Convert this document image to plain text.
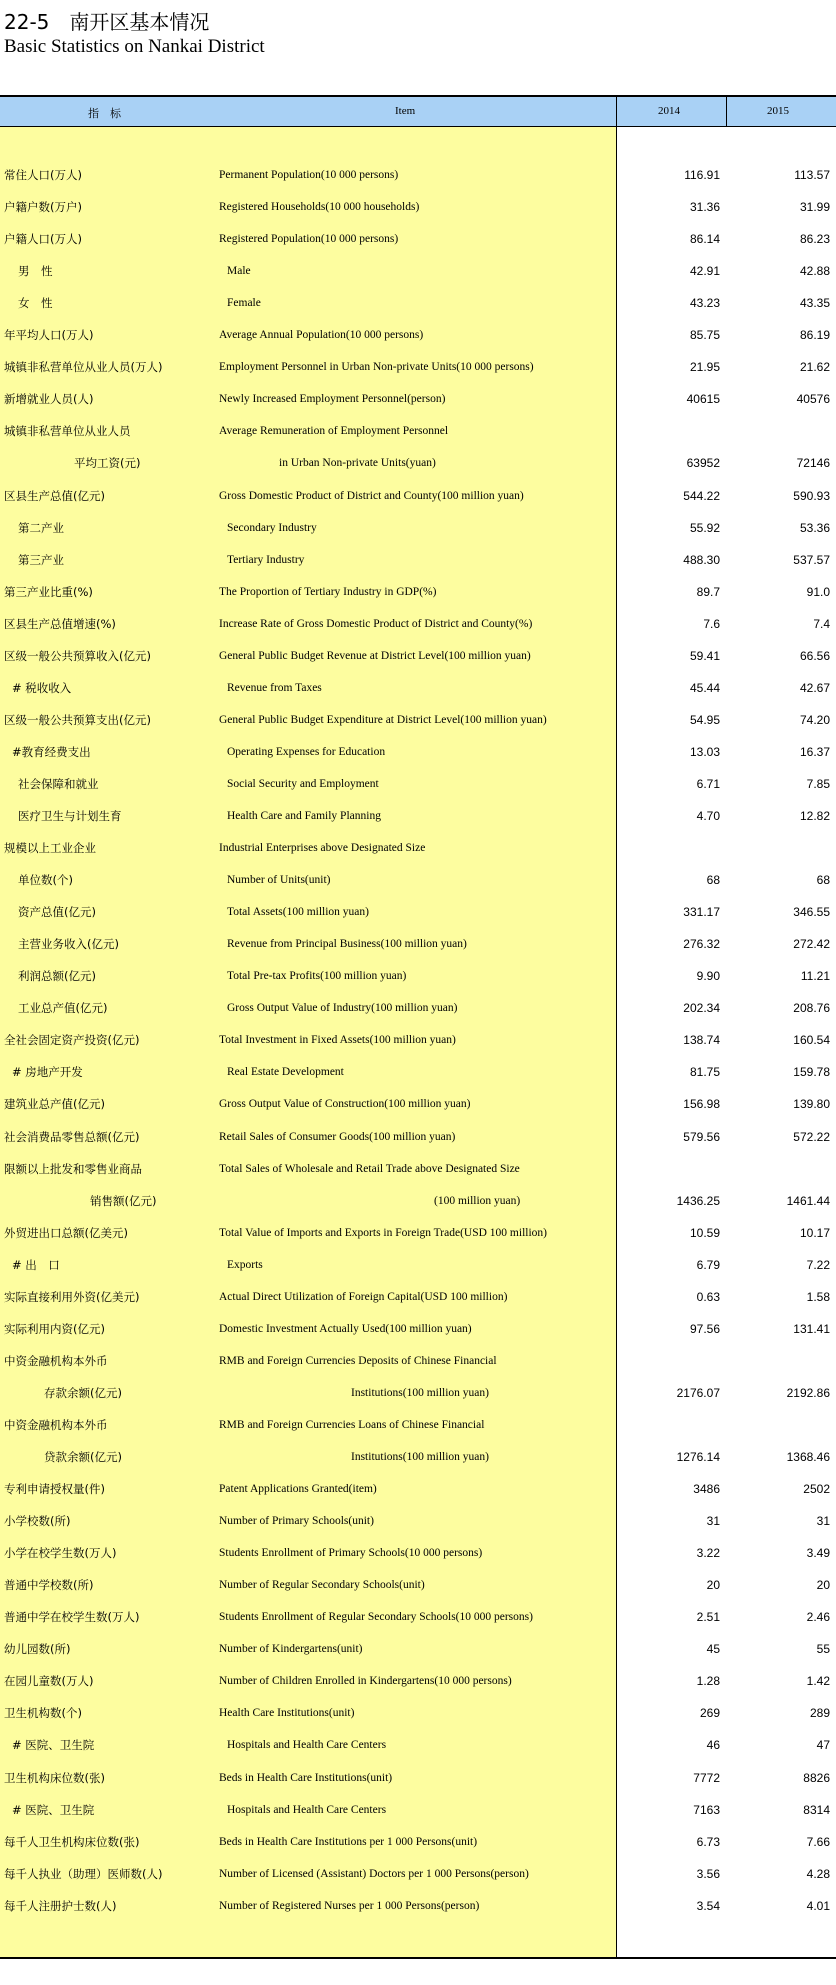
22-5 南开区基本情况
Basic Statistics on Nankai District
指　标	Item	2014	2015
常住人口(万人)	Permanent Population(10 000 persons)	116.91	113.57
户籍户数(万户)	Registered Households(10 000 households)	31.36	31.99
户籍人口(万人)	Registered Population(10 000 persons)	86.14	86.23
男　性	Male	42.91	42.88
女　性	Female	43.23	43.35
年平均人口(万人)	Average Annual Population(10 000 persons)	85.75	86.19
城镇非私营单位从业人员(万人)	Employment Personnel in Urban Non-private Units(10 000 persons)	21.95	21.62
新增就业人员(人)	Newly Increased Employment Personnel(person)	40615	40576
城镇非私营单位从业人员	Average Remuneration of Employment Personnel
平均工资(元)	in Urban Non-private Units(yuan)	63952	72146
区县生产总值(亿元)	Gross Domestic Product of District and County(100 million yuan)	544.22	590.93
第二产业	Secondary Industry	55.92	53.36
第三产业	Tertiary Industry	488.30	537.57
第三产业比重(%)	The Proportion of Tertiary Industry in GDP(%)	89.7	91.0
区县生产总值增速(%)	Increase Rate of Gross Domestic Product of District and County(%)	7.6	7.4
区级一般公共预算收入(亿元)	General Public Budget Revenue at District Level(100 million yuan)	59.41	66.56
# 税收收入	Revenue from Taxes	45.44	42.67
区级一般公共预算支出(亿元)	General Public Budget Expenditure at District Level(100 million yuan)	54.95	74.20
#教育经费支出	Operating Expenses for Education	13.03	16.37
社会保障和就业	Social Security and Employment	6.71	7.85
医疗卫生与计划生育	Health Care and Family Planning	4.70	12.82
规模以上工业企业	Industrial Enterprises above Designated Size
单位数(个)	Number of Units(unit)	68	68
资产总值(亿元)	Total Assets(100 million yuan)	331.17	346.55
主营业务收入(亿元)	Revenue from Principal Business(100 million yuan)	276.32	272.42
利润总额(亿元)	Total Pre-tax Profits(100 million yuan)	9.90	11.21
工业总产值(亿元)	Gross Output Value of Industry(100 million yuan)	202.34	208.76
全社会固定资产投资(亿元)	Total Investment in Fixed Assets(100 million yuan)	138.74	160.54
# 房地产开发	Real Estate Development	81.75	159.78
建筑业总产值(亿元)	Gross Output Value of Construction(100 million yuan)	156.98	139.80
社会消费品零售总额(亿元)	Retail Sales of Consumer Goods(100 million yuan)	579.56	572.22
限额以上批发和零售业商品	Total Sales of Wholesale and Retail Trade above Designated Size
销售额(亿元)	(100 million yuan)	1436.25	1461.44
外贸进出口总额(亿美元)	Total Value of Imports and Exports in Foreign Trade(USD 100 million)	10.59	10.17
# 出　口	Exports	6.79	7.22
实际直接利用外资(亿美元)	Actual Direct Utilization of Foreign Capital(USD 100 million)	0.63	1.58
实际利用内资(亿元)	Domestic Investment Actually Used(100 million yuan)	97.56	131.41
中资金融机构本外币	RMB and Foreign Currencies Deposits of Chinese Financial
存款余额(亿元)	Institutions(100 million yuan)	2176.07	2192.86
中资金融机构本外币	RMB and Foreign Currencies Loans of Chinese Financial
贷款余额(亿元)	Institutions(100 million yuan)	1276.14	1368.46
专利申请授权量(件)	Patent Applications Granted(item)	3486	2502
小学校数(所)	Number of Primary Schools(unit)	31	31
小学在校学生数(万人)	Students Enrollment of Primary Schools(10 000 persons)	3.22	3.49
普通中学校数(所)	Number of Regular Secondary Schools(unit)	20	20
普通中学在校学生数(万人)	Students Enrollment of Regular Secondary Schools(10 000 persons)	2.51	2.46
幼儿园数(所)	Number of Kindergartens(unit)	45	55
在园儿童数(万人)	Number of Children Enrolled in Kindergartens(10 000 persons)	1.28	1.42
卫生机构数(个)	Health Care Institutions(unit)	269	289
# 医院、卫生院	Hospitals and Health Care Centers	46	47
卫生机构床位数(张)	Beds in Health Care Institutions(unit)	7772	8826
# 医院、卫生院	Hospitals and Health Care Centers	7163	8314
每千人卫生机构床位数(张)	Beds in Health Care Institutions per 1 000 Persons(unit)	6.73	7.66
每千人执业（助理）医师数(人)	Number of Licensed (Assistant) Doctors per 1 000 Persons(person)	3.56	4.28
每千人注册护士数(人)	Number of Registered Nurses per 1 000 Persons(person)	3.54	4.01
